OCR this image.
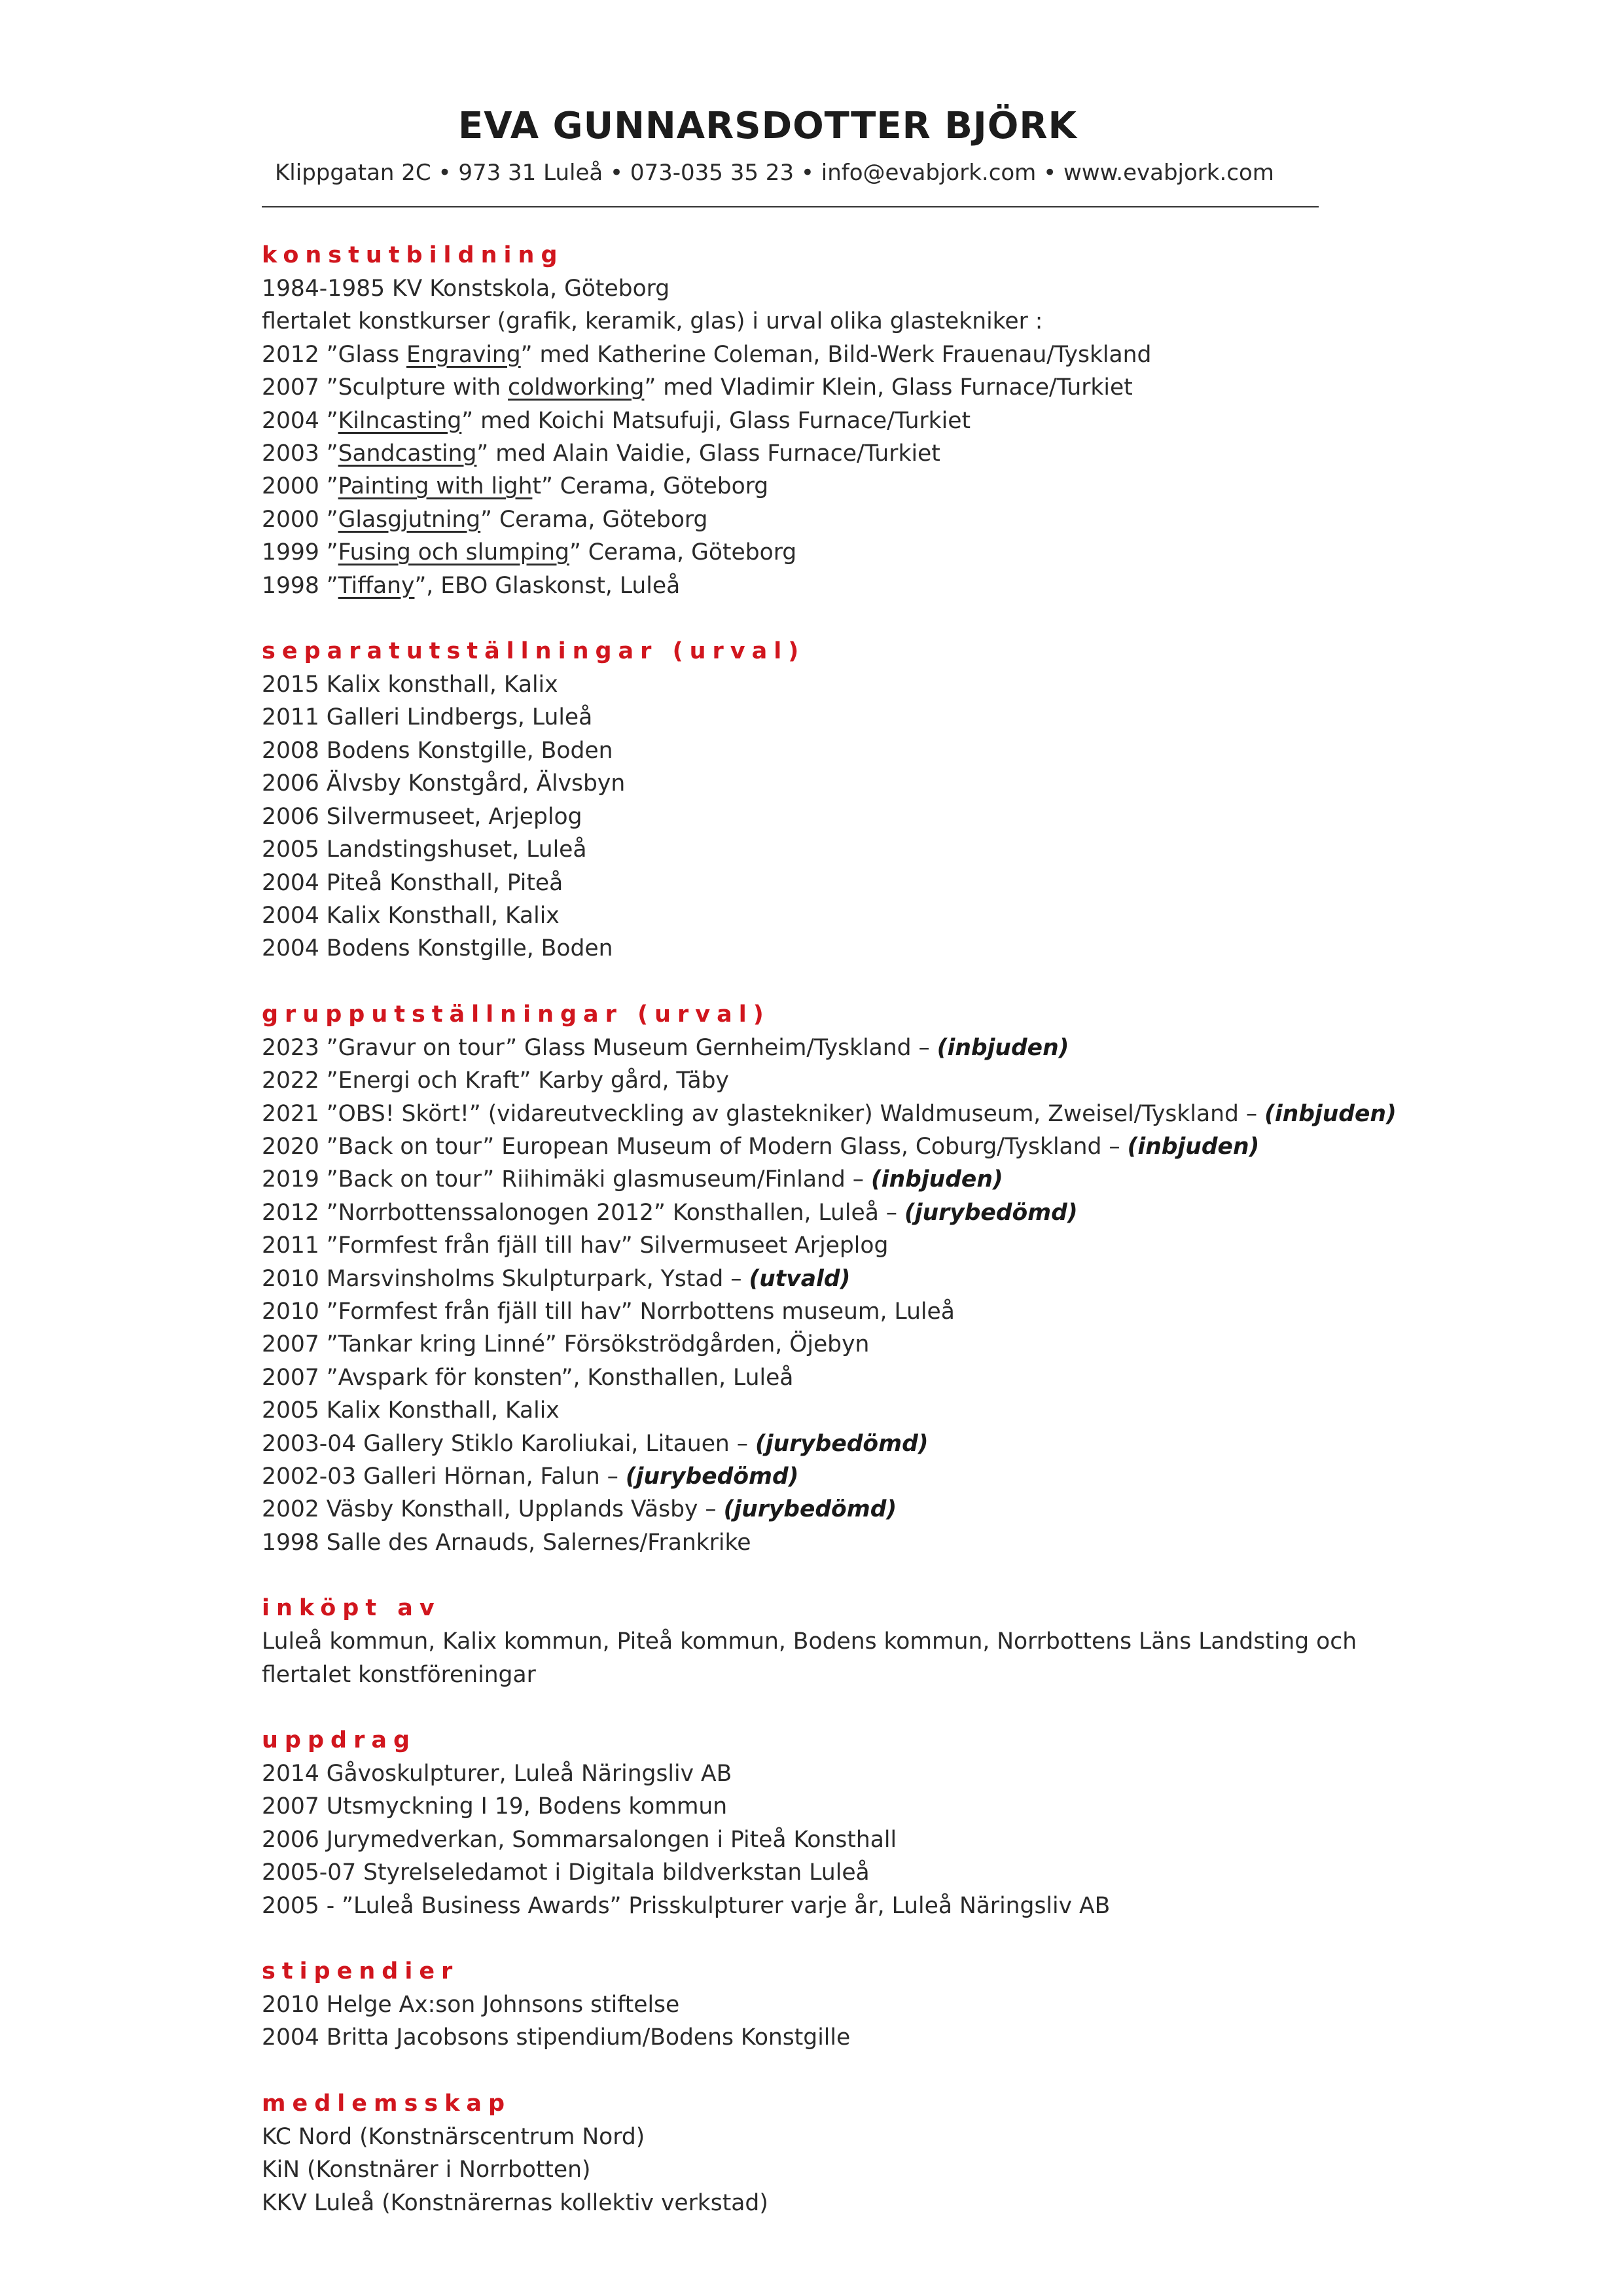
EVA GUNNARSDOTTER BJÖRK
Klippgatan 2C • 973 31 Luleå • 073-035 35 23 • info@evabjork.com • www.evabjork.com
konstutbildning
1984-1985 KV Konstskola, Göteborg
flertalet konstkurser (grafik, keramik, glas) i urval olika glastekniker :
2012 ”Glass Engraving” med Katherine Coleman, Bild-Werk Frauenau/Tyskland
2007 ”Sculpture with coldworking” med Vladimir Klein, Glass Furnace/Turkiet
2004 ”Kilncasting” med Koichi Matsufuji, Glass Furnace/Turkiet
2003 ”Sandcasting” med Alain Vaidie, Glass Furnace/Turkiet
2000 ”Painting with light” Cerama, Göteborg
2000 ”Glasgjutning” Cerama, Göteborg
1999 ”Fusing och slumping” Cerama, Göteborg
1998 ”Tiffany”, EBO Glaskonst, Luleå
separatutställningar (urval)
2015 Kalix konsthall, Kalix
2011 Galleri Lindbergs, Luleå
2008 Bodens Konstgille, Boden
2006 Älvsby Konstgård, Älvsbyn
2006 Silvermuseet, Arjeplog
2005 Landstingshuset, Luleå
2004 Piteå Konsthall, Piteå
2004 Kalix Konsthall, Kalix
2004 Bodens Konstgille, Boden
grupputställningar (urval)
2023 ”Gravur on tour” Glass Museum Gernheim/Tyskland – (inbjuden)
2022 ”Energi och Kraft” Karby gård, Täby
2021 ”OBS! Skört!” (vidareutveckling av glastekniker) Waldmuseum, Zweisel/Tyskland – (inbjuden)
2020 ”Back on tour” European Museum of Modern Glass, Coburg/Tyskland – (inbjuden)
2019 ”Back on tour” Riihimäki glasmuseum/Finland – (inbjuden)
2012 ”Norrbottenssalonogen 2012” Konsthallen, Luleå – (jurybedömd)
2011 ”Formfest från fjäll till hav” Silvermuseet Arjeplog
2010 Marsvinsholms Skulpturpark, Ystad – (utvald)
2010 ”Formfest från fjäll till hav” Norrbottens museum, Luleå
2007 ”Tankar kring Linné” Försökströdgården, Öjebyn
2007 ”Avspark för konsten”, Konsthallen, Luleå
2005 Kalix Konsthall, Kalix
2003-04 Gallery Stiklo Karoliukai, Litauen – (jurybedömd)
2002-03 Galleri Hörnan, Falun – (jurybedömd)
2002 Väsby Konsthall, Upplands Väsby – (jurybedömd)
1998 Salle des Arnauds, Salernes/Frankrike
inköpt av
Luleå kommun, Kalix kommun, Piteå kommun, Bodens kommun, Norrbottens Läns Landsting och flertalet konstföreningar
uppdrag
2014 Gåvoskulpturer, Luleå Näringsliv AB
2007 Utsmyckning I 19, Bodens kommun
2006 Jurymedverkan, Sommarsalongen i Piteå Konsthall
2005-07 Styrelseledamot i Digitala bildverkstan Luleå
2005 - ”Luleå Business Awards” Prisskulpturer varje år, Luleå Näringsliv AB
stipendier
2010 Helge Ax:son Johnsons stiftelse
2004 Britta Jacobsons stipendium/Bodens Konstgille
medlemsskap
KC Nord (Konstnärscentrum Nord)
KiN (Konstnärer i Norrbotten)
KKV Luleå (Konstnärernas kollektiv verkstad)
